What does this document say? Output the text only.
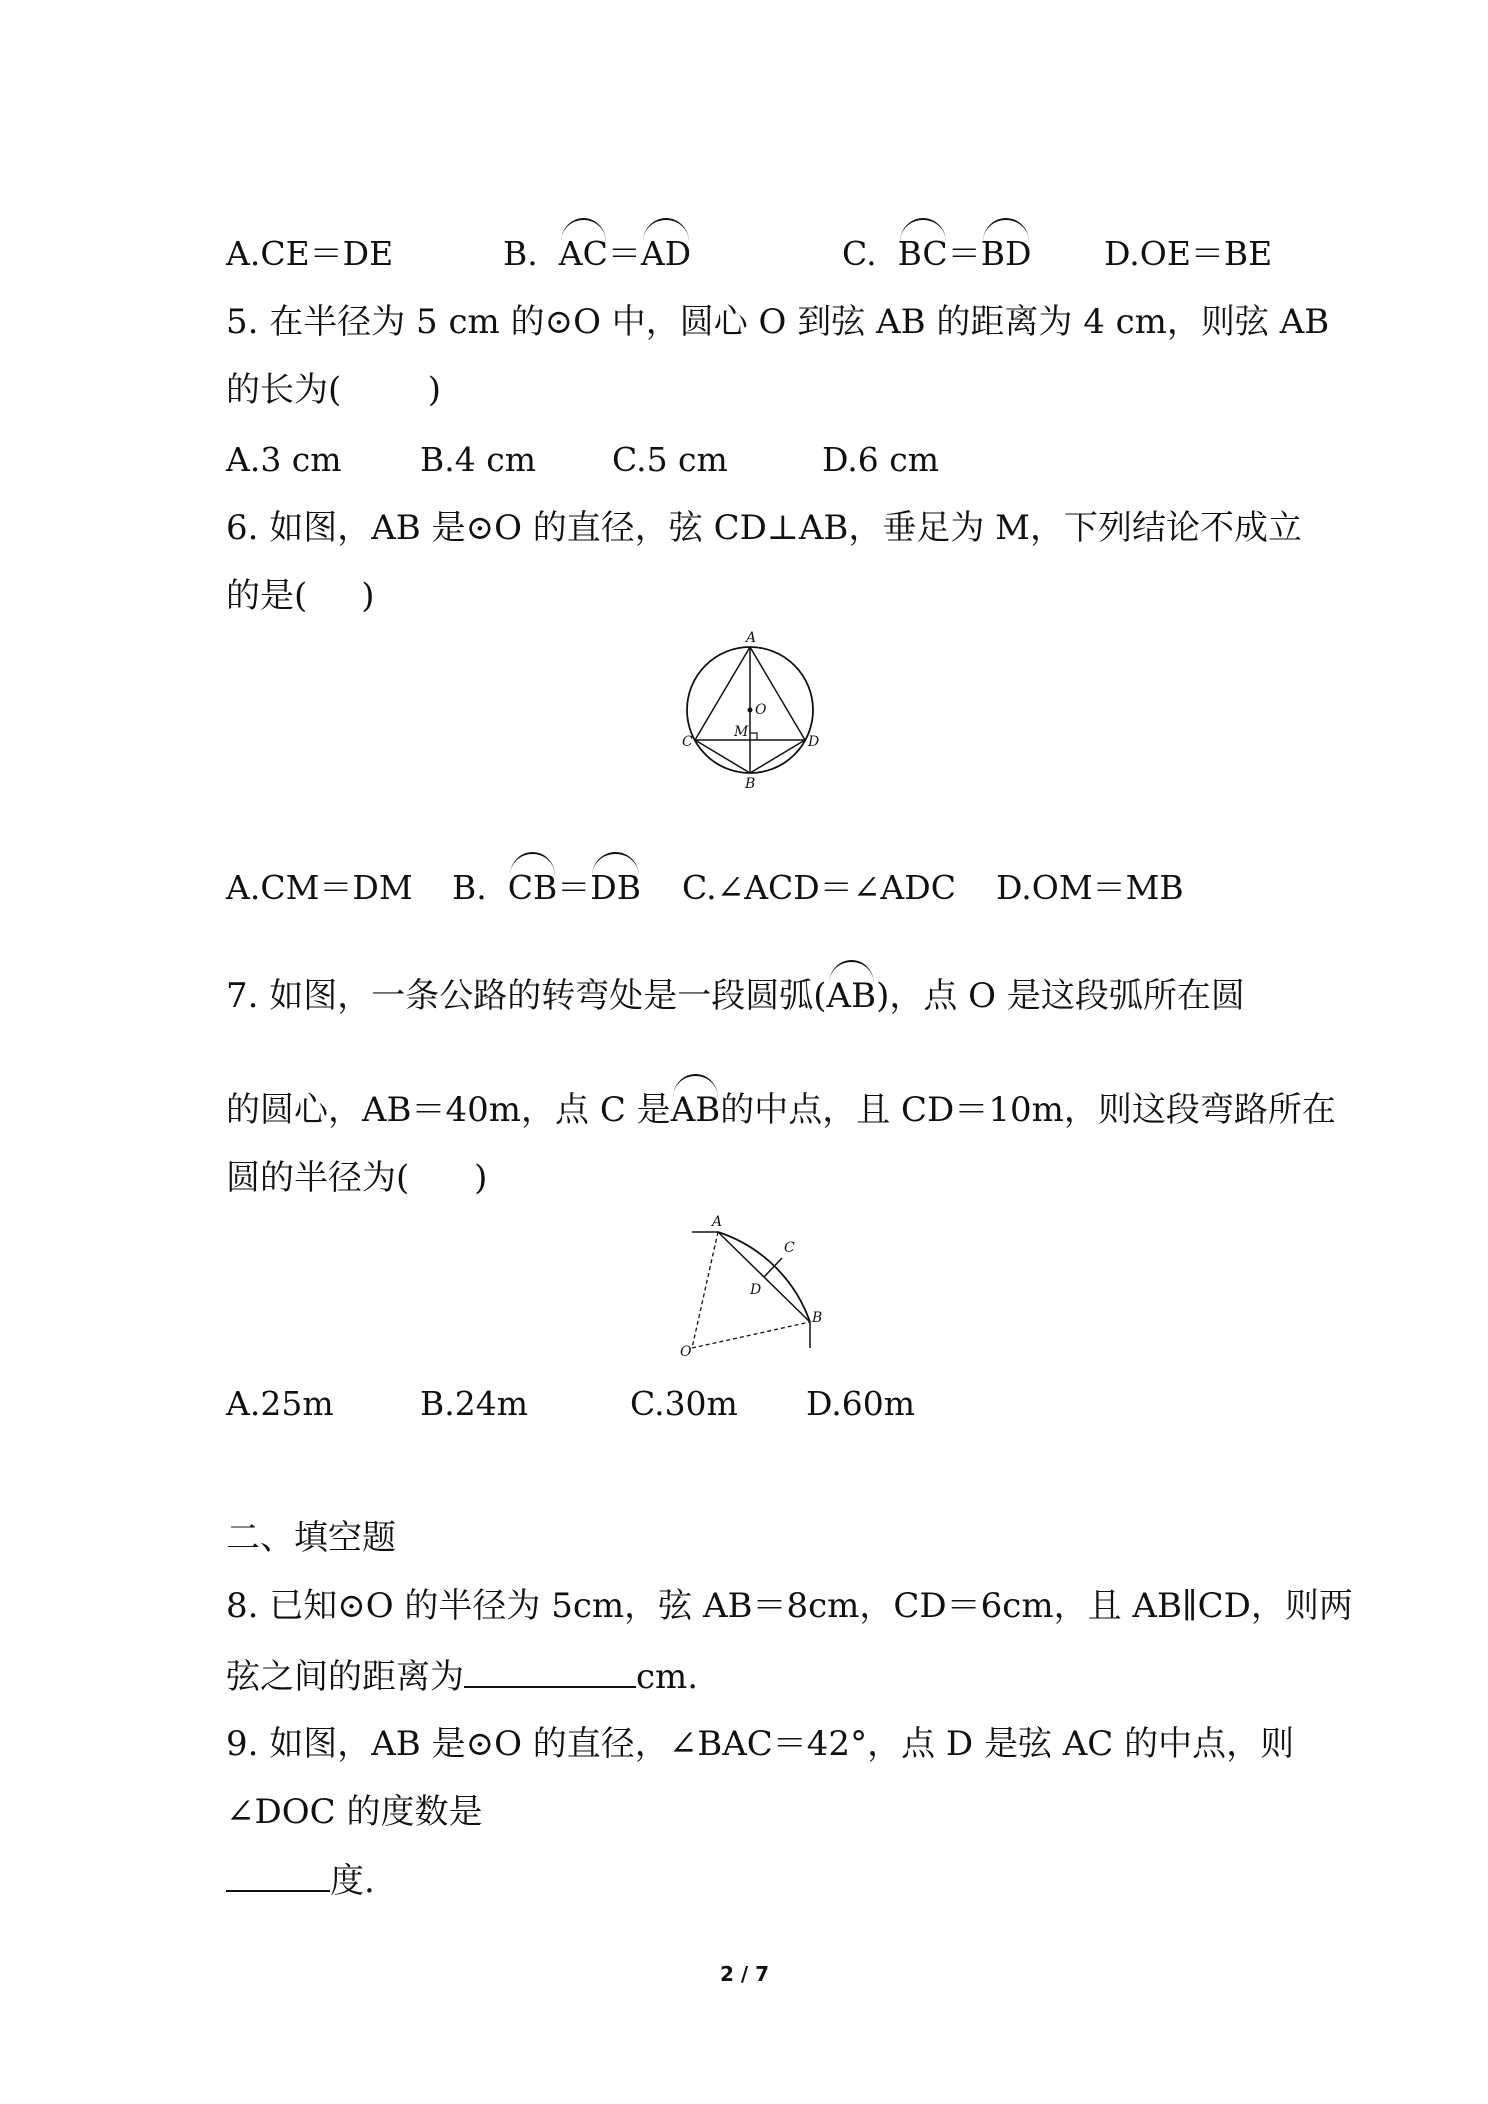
A.CE＝DE	B. AC＝AD	C. BC＝BD D.OE＝BE
5. 在半径为 5 cm 的⊙O 中，圆心 O 到弦 AB 的距离为 4 cm，则弦 AB
的长为(        )
A.3 cm B.4 cm C.5 cm	D.6 cm
6. 如图，AB 是⊙O 的直径，弦 CD⊥AB，垂足为 M，下列结论不成立
的是(     )
A
O
M
C	D
B
A.CM＝DM B. CB＝DB C.∠ACD＝∠ADC D.OM＝MB
7. 如图，一条公路的转弯处是一段圆弧(AB)，点 O 是这段弧所在圆
的圆心，AB＝40m，点 C 是AB的中点，且 CD＝10m，则这段弯路所在
圆的半径为(      )
A
C
D
B
O
A.25m	B.24m	C.30m D.60m
二、填空题
8. 已知⊙O 的半径为 5cm，弦 AB＝8cm，CD＝6cm，且 AB∥CD，则两
弦之间的距离为	cm.
9. 如图，AB 是⊙O 的直径，∠BAC＝42°，点 D 是弦 AC 的中点，则
∠DOC 的度数是
度.
2 / 7
